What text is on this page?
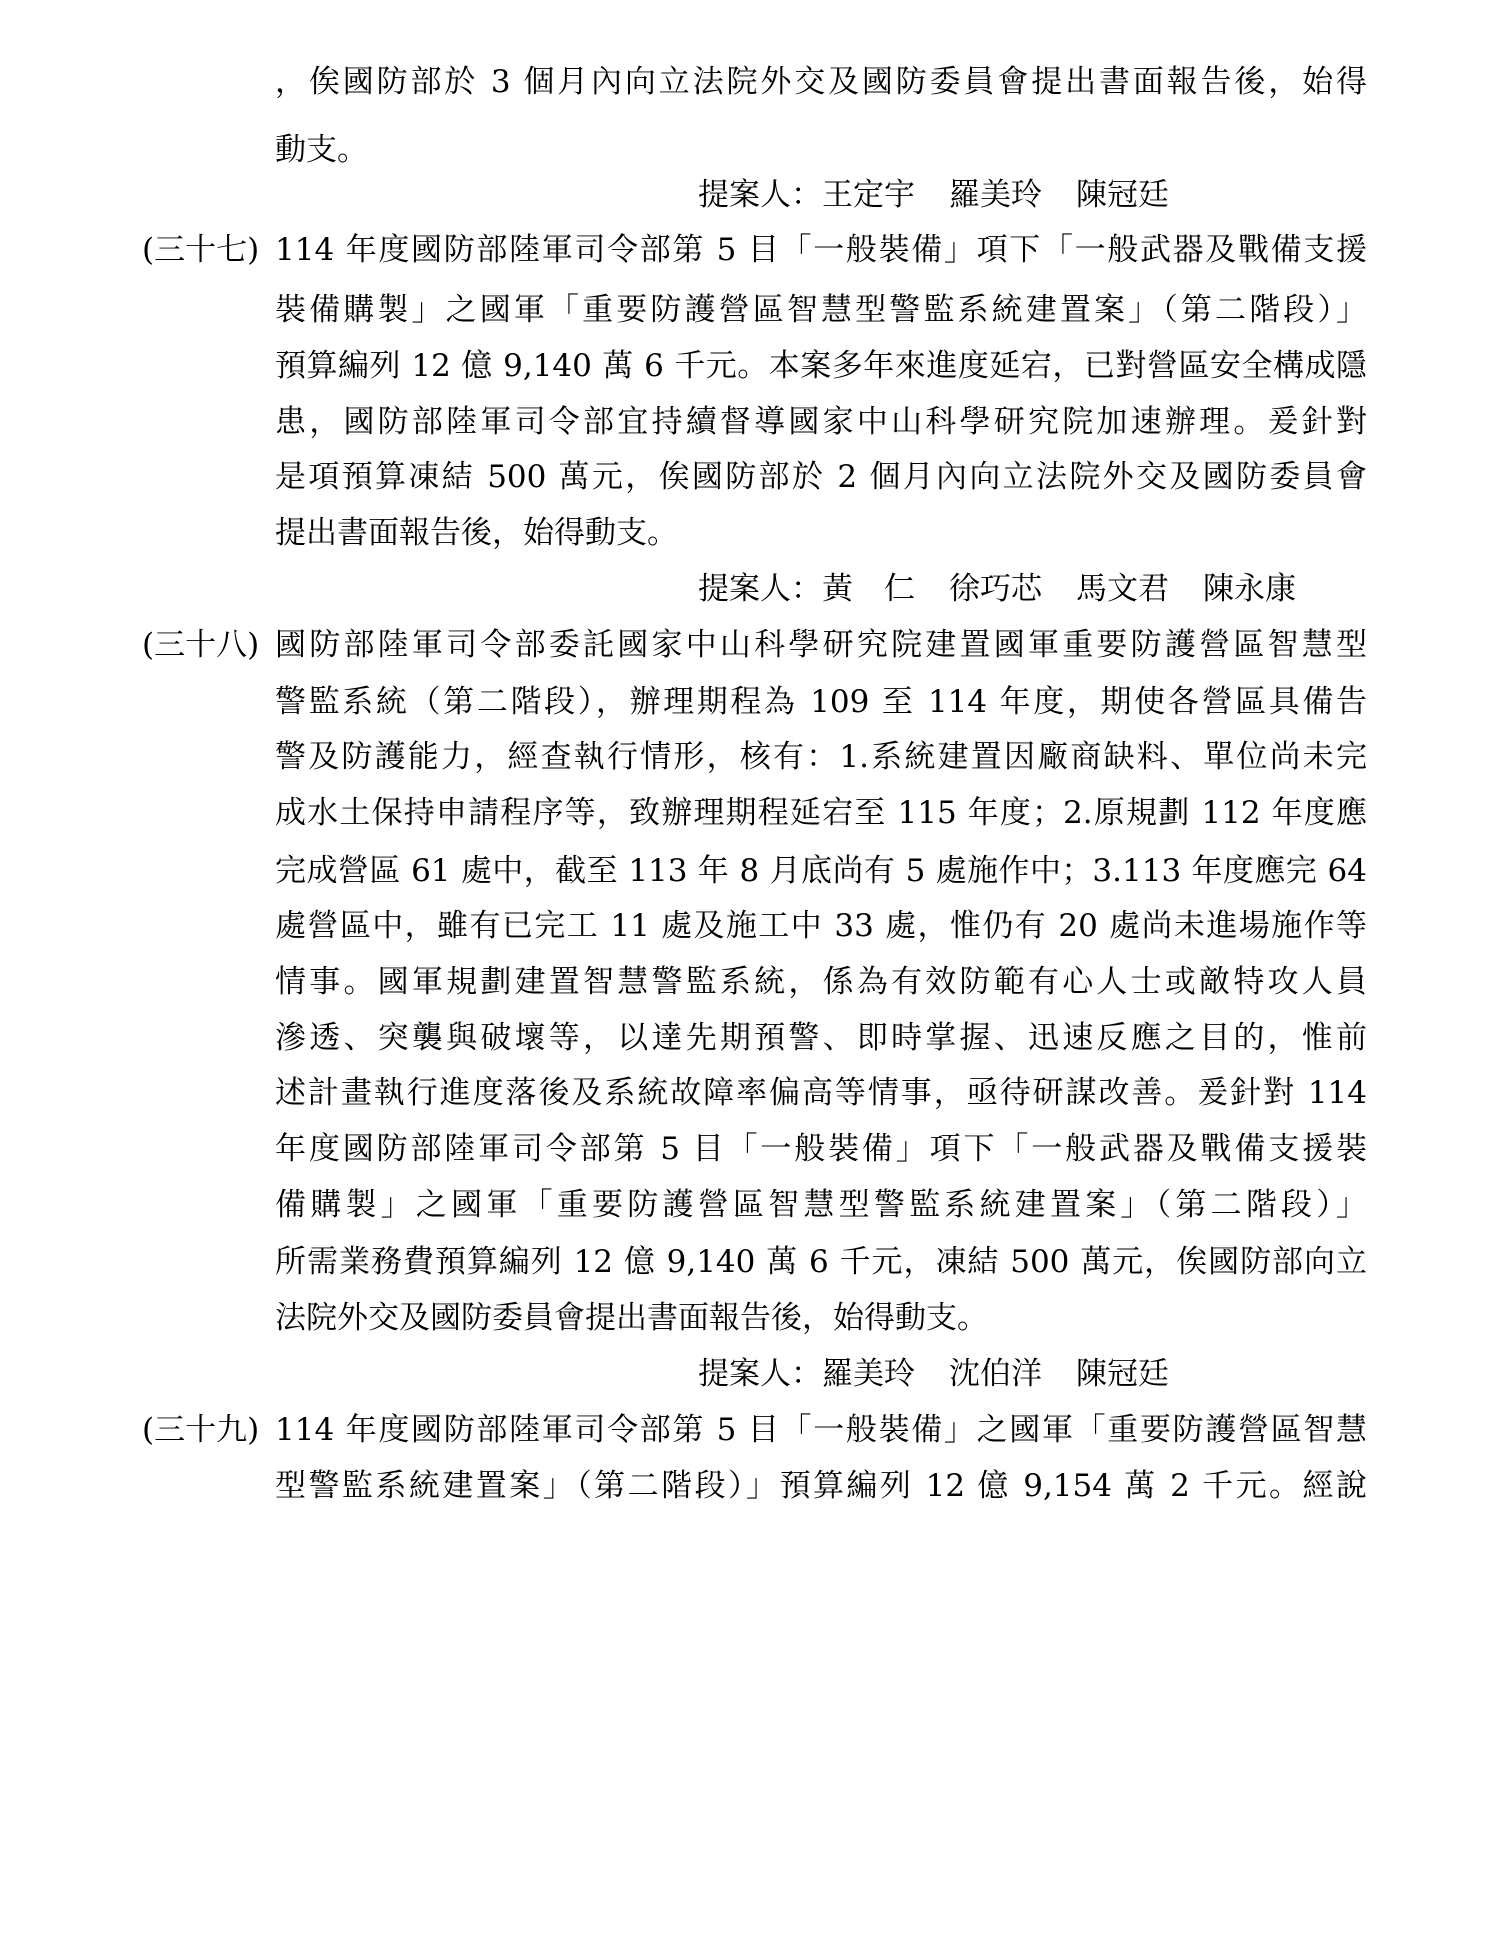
，俟國防部於 3 個月內向立法院外交及國防委員會提出書面報告後，始得

動支。

提案人：王定宇 羅美玲 陳冠廷
(三十七) 114 年度國防部陸軍司令部第 5 目「一般裝備」項下「一般武器及戰備支援

裝備購製」之國軍「重要防護營區智慧型警監系統建置案」（第二階段）」

預算編列 12 億 9,140 萬 6 千元。本案多年來進度延宕，已對營區安全構成隱

患，國防部陸軍司令部宜持續督導國家中山科學研究院加速辦理。爰針對

是項預算凍結 500 萬元，俟國防部於 2 個月內向立法院外交及國防委員會

提出書面報告後，始得動支。

提案人：黃　仁 徐巧芯 馬文君 陳永康
(三十八) 國防部陸軍司令部委託國家中山科學研究院建置國軍重要防護營區智慧型

警監系統（第二階段），辦理期程為 109 至 114 年度，期使各營區具備告

警及防護能力，經查執行情形，核有：1.系統建置因廠商缺料、單位尚未完

成水土保持申請程序等，致辦理期程延宕至 115 年度；2.原規劃 112 年度應

完成營區 61 處中，截至 113 年 8 月底尚有 5 處施作中；3.113 年度應完 64

處營區中，雖有已完工 11 處及施工中 33 處，惟仍有 20 處尚未進場施作等

情事。國軍規劃建置智慧警監系統，係為有效防範有心人士或敵特攻人員

滲透、突襲與破壞等，以達先期預警、即時掌握、迅速反應之目的，惟前

述計畫執行進度落後及系統故障率偏高等情事，亟待研謀改善。爰針對 114

年度國防部陸軍司令部第 5 目「一般裝備」項下「一般武器及戰備支援裝

備購製」之國軍「重要防護營區智慧型警監系統建置案」（第二階段）」

所需業務費預算編列 12 億 9,140 萬 6 千元，凍結 500 萬元，俟國防部向立

法院外交及國防委員會提出書面報告後，始得動支。

提案人：羅美玲 沈伯洋 陳冠廷
(三十九) 114 年度國防部陸軍司令部第 5 目「一般裝備」之國軍「重要防護營區智慧

型警監系統建置案」（第二階段）」預算編列 12 億 9,154 萬 2 千元。經說
